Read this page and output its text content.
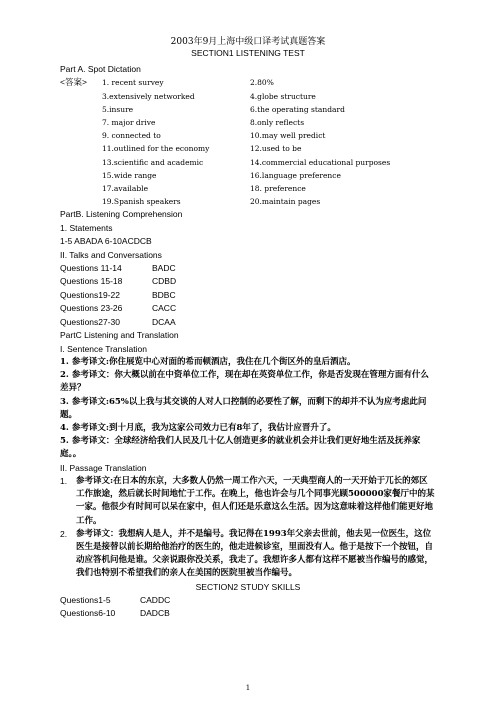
2003年9月上海中级口译考试真题答案
SECTION1 LISTENING TEST
Part A. Spot Dictation
<答案>	1. recent survey	2.80%
3.extensively networked	4.globe structure
5.insure	6.the operating standard
7. major drive	8.only reflects
9. connected to	10.may well predict
11.outlined for the economy	12.used to be
13.scientific and academic	14.commercial educational purposes
15.wide range	16.language preference
17.available	18. preference
19.Spanish speakers	20.maintain pages
PartB. Listening Comprehension
1. Statements
1-5 ABADA 6-10ACDCB
II. Talks and Conversations
Questions 11-14	BADC
Questions 15-18	CDBD
Questions19-22	BDBC
Questions 23-26	CACC
Questions27-30	DCAA
PartC Listening and Translation
I. Sentence Translation
1. 参考译文:你住展览中心对面的希而顿酒店，我住在几个街区外的皇后酒店。
2. 参考译文：你大概以前在中资单位工作，现在却在英资单位工作，你是否发现在管理方面有什么差异？
3. 参考译文:65%以上我与其交谈的人对人口控制的必要性了解，而剩下的却并不认为应考虑此问题。
4. 参考译文:到十月底，我为这家公司效力已有8年了，我估计应晋升了。
5. 参考译文：全球经济给我们人民及几十亿人创造更多的就业机会并让我们更好地生活及抚养家庭。。
II. Passage Translation
1.	参考译文:在日本的东京，大多数人仍然一周工作六天，一天典型商人的一天开始于兀长的郊区工作旅途，然后就长时间地忙于工作。在晚上，他也许会与几个同事光顾500000家餐厅中的某一家。他很少有时间可以呆在家中，但人们还是乐意这么生活。因为这意味着这样他们能更好地工作。
2.	参考译文：我想病人是人，并不是编号。我记得在1993年父亲去世前，他去见一位医生，这位医生是接替以前长期给他治疗的医生的，他走进候诊室，里面没有人。他于是按下一个按钮，自动应答机问他是谁。父亲说跟你没关系，我走了。我想许多人都有这样不愿被当作编号的感觉，我们也特别不希望我们的亲人在美国的医院里被当作编号。
SECTION2 STUDY SKILLS
Questions1-5	CADDC
Questions6-10	DADCB
1
